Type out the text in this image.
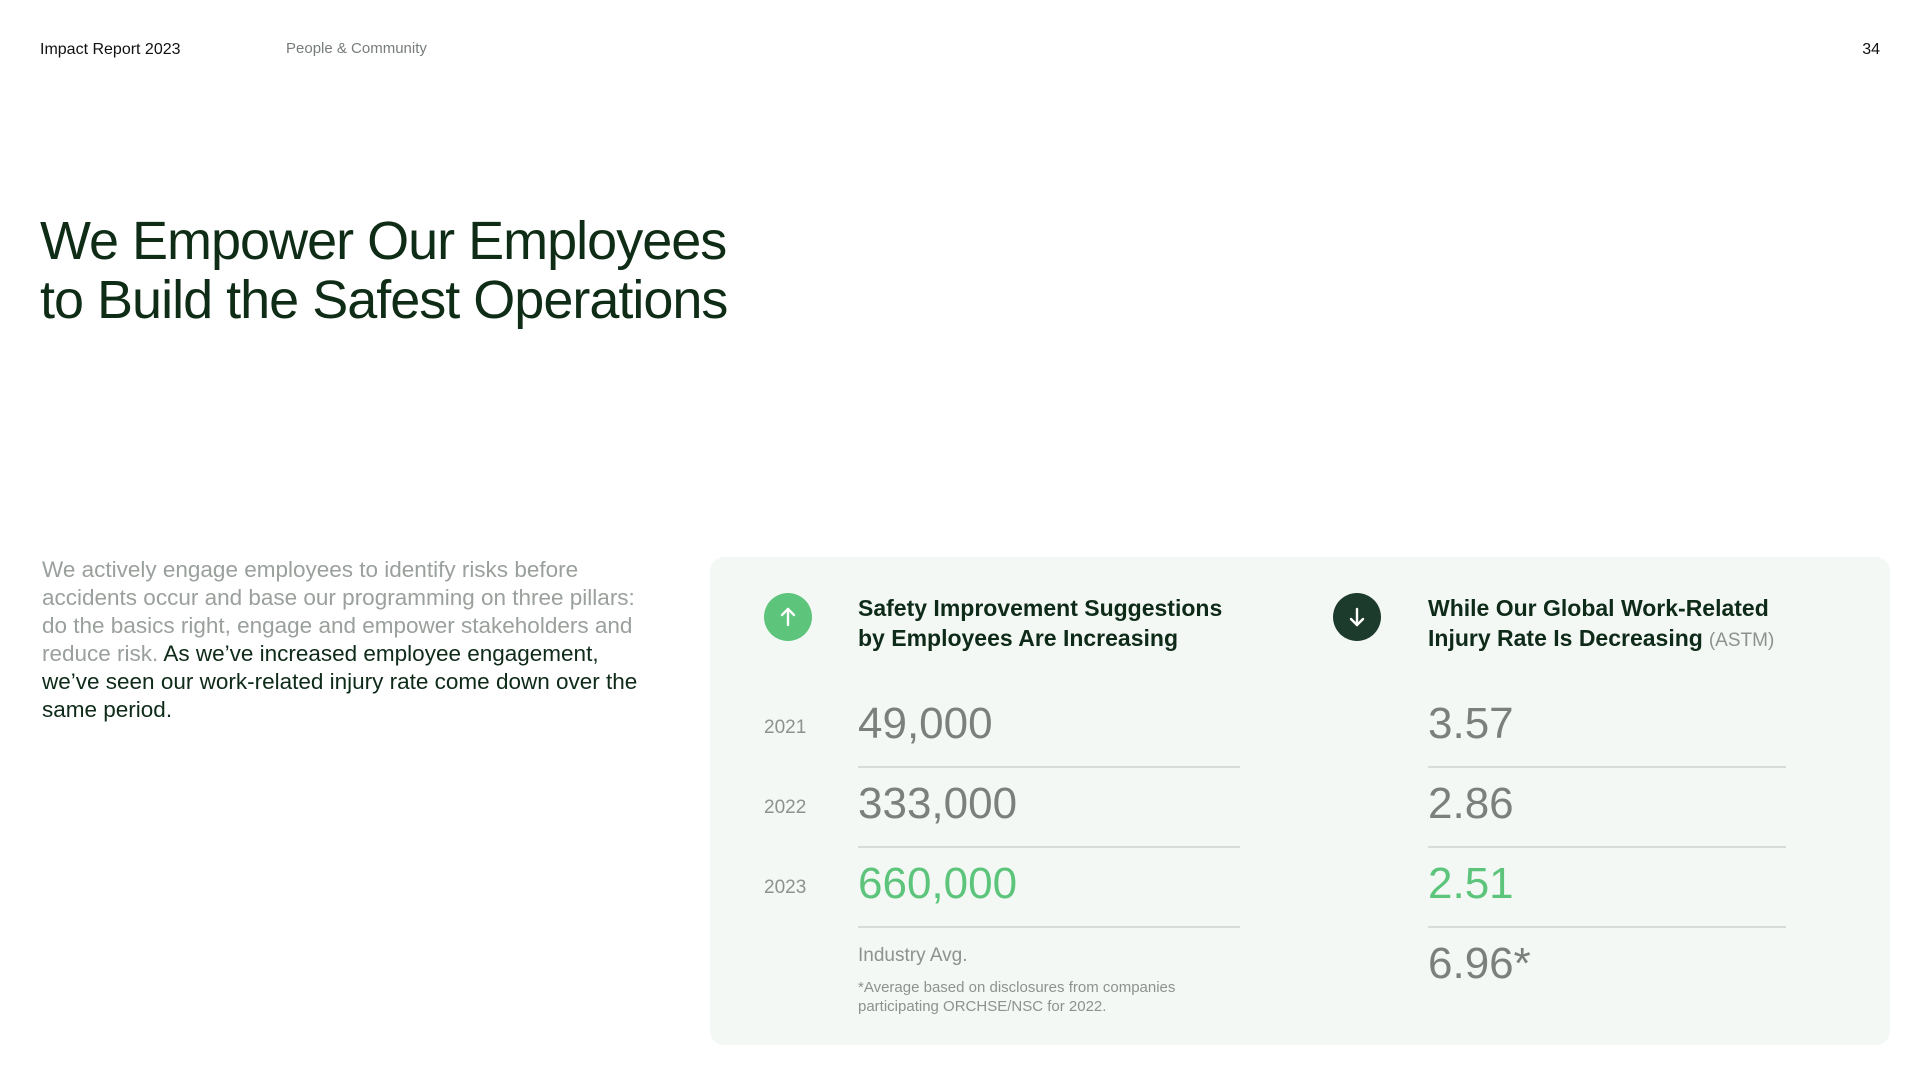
Impact Report 2023	People & Community	34
We Empower Our Employees
to Build the Safest Operations

We actively engage employees to identify risks before accidents occur and base our programming on three pillars: do the basics right, engage and empower stakeholders and reduce risk. As we’ve increased employee engagement, we’ve seen our work-related injury rate come down over the same period.

Safety Improvement Suggestions
by Employees Are Increasing
2021 49,000
2022 333,000
2023 660,000
Industry Avg.
*Average based on disclosures from companies participating ORCHSE/NSC for 2022.
While Our Global Work-Related
Injury Rate Is Decreasing (ASTM)
3.57
2.86
2.51
6.96*
